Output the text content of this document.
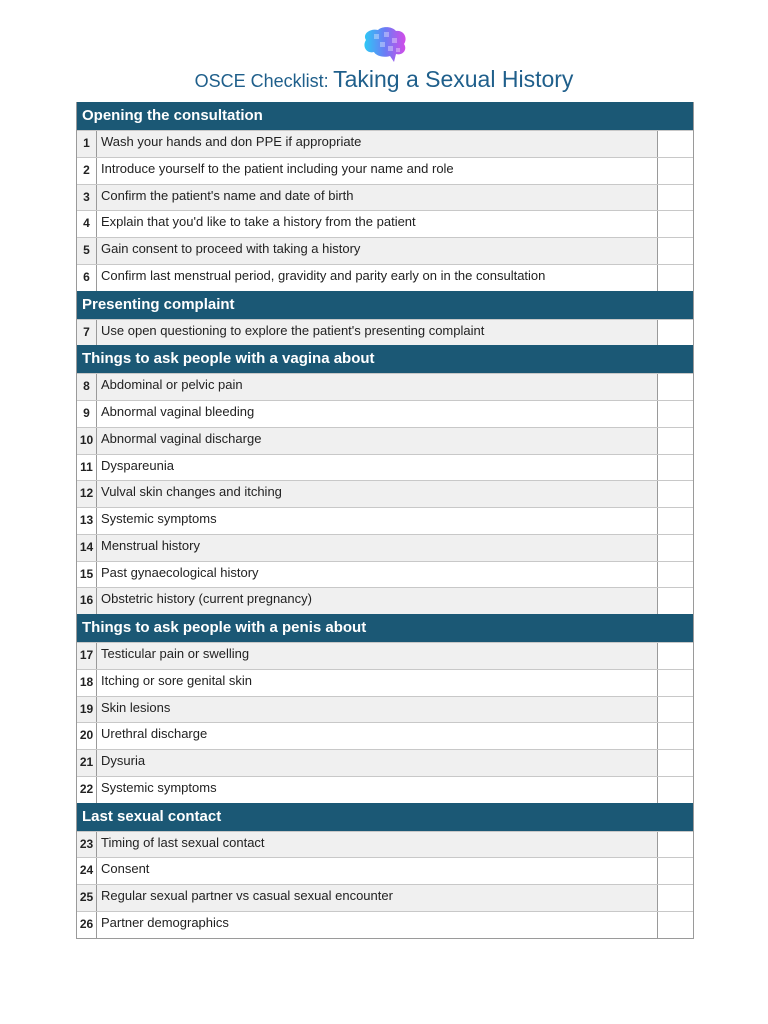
OSCE Checklist: Taking a Sexual History
Opening the consultation
1 Wash your hands and don PPE if appropriate
2 Introduce yourself to the patient including your name and role
3 Confirm the patient's name and date of birth
4 Explain that you'd like to take a history from the patient
5 Gain consent to proceed with taking a history
6 Confirm last menstrual period, gravidity and parity early on in the consultation
Presenting complaint
7 Use open questioning to explore the patient's presenting complaint
Things to ask people with a vagina about
8 Abdominal or pelvic pain
9 Abnormal vaginal bleeding
10 Abnormal vaginal discharge
11 Dyspareunia
12 Vulval skin changes and itching
13 Systemic symptoms
14 Menstrual history
15 Past gynaecological history
16 Obstetric history (current pregnancy)
Things to ask people with a penis about
17 Testicular pain or swelling
18 Itching or sore genital skin
19 Skin lesions
20 Urethral discharge
21 Dysuria
22 Systemic symptoms
Last sexual contact
23 Timing of last sexual contact
24 Consent
25 Regular sexual partner vs casual sexual encounter
26 Partner demographics
